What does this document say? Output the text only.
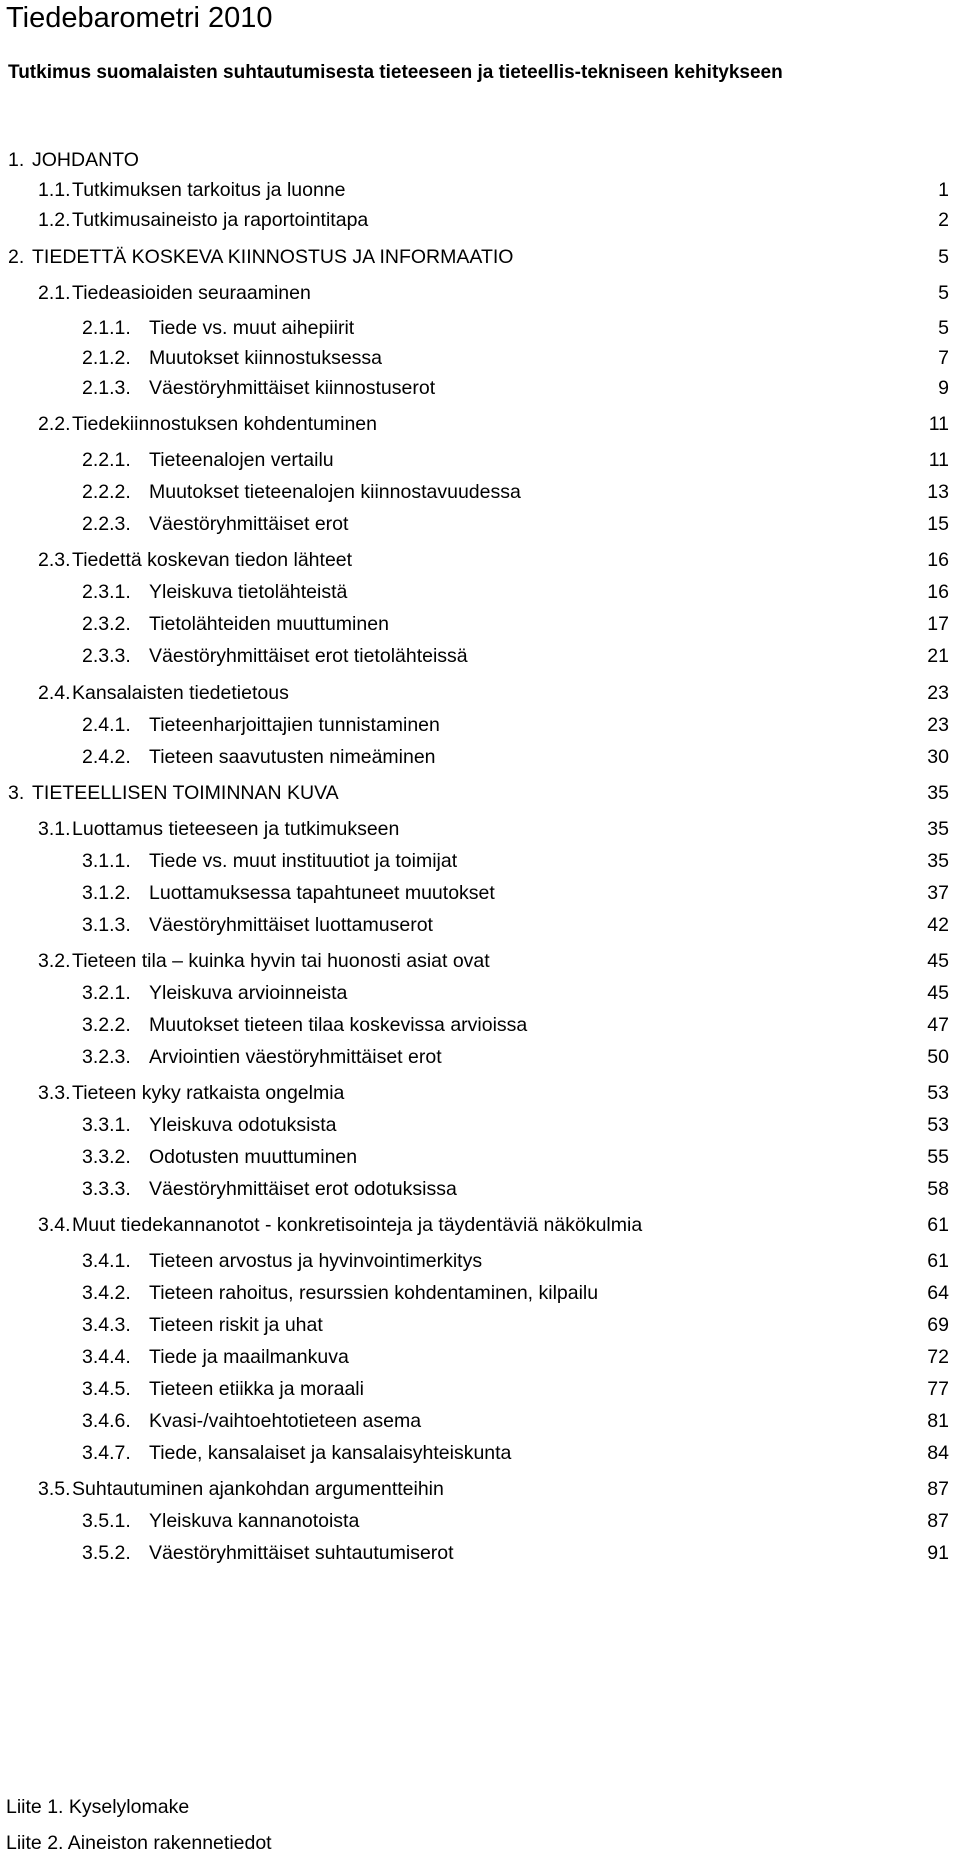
Tiedebarometri 2010

Tutkimus suomalaisten suhtautumisesta tieteeseen ja tieteellis-tekniseen kehitykseen

1. JOHDANTO
1.1. Tutkimuksen tarkoitus ja luonne	1
1.2. Tutkimusaineisto ja raportointitapa	2
2. TIEDETTÄ KOSKEVA KIINNOSTUS JA INFORMAATIO	5
2.1. Tiedeasioiden seuraaminen	5
2.1.1. Tiede vs. muut aihepiirit	5
2.1.2. Muutokset kiinnostuksessa	7
2.1.3. Väestöryhmittäiset kiinnostuserot	9
2.2. Tiedekiinnostuksen kohdentuminen	11
2.2.1. Tieteenalojen vertailu	11
2.2.2. Muutokset tieteenalojen kiinnostavuudessa	13
2.2.3. Väestöryhmittäiset erot	15
2.3. Tiedettä koskevan tiedon lähteet	16
2.3.1. Yleiskuva tietolähteistä	16
2.3.2. Tietolähteiden muuttuminen	17
2.3.3. Väestöryhmittäiset erot tietolähteissä	21
2.4. Kansalaisten tiedetietous	23
2.4.1. Tieteenharjoittajien tunnistaminen	23
2.4.2. Tieteen saavutusten nimeäminen	30
3. TIETEELLISEN TOIMINNAN KUVA	35
3.1. Luottamus tieteeseen ja tutkimukseen	35
3.1.1. Tiede vs. muut instituutiot ja toimijat	35
3.1.2. Luottamuksessa tapahtuneet muutokset	37
3.1.3. Väestöryhmittäiset luottamuserot	42
3.2. Tieteen tila – kuinka hyvin tai huonosti asiat ovat	45
3.2.1. Yleiskuva arvioinneista	45
3.2.2. Muutokset tieteen tilaa koskevissa arvioissa	47
3.2.3. Arviointien väestöryhmittäiset erot	50
3.3. Tieteen kyky ratkaista ongelmia	53
3.3.1. Yleiskuva odotuksista	53
3.3.2. Odotusten muuttuminen	55
3.3.3. Väestöryhmittäiset erot odotuksissa	58
3.4. Muut tiedekannanotot - konkretisointeja ja täydentäviä näkökulmia	61
3.4.1. Tieteen arvostus ja hyvinvointimerkitys	61
3.4.2. Tieteen rahoitus, resurssien kohdentaminen, kilpailu	64
3.4.3. Tieteen riskit ja uhat	69
3.4.4. Tiede ja maailmankuva	72
3.4.5. Tieteen etiikka ja moraali	77
3.4.6. Kvasi-/vaihtoehtotieteen asema	81
3.4.7. Tiede, kansalaiset ja kansalaisyhteiskunta	84
3.5. Suhtautuminen ajankohdan argumentteihin	87
3.5.1. Yleiskuva kannanotoista	87
3.5.2. Väestöryhmittäiset suhtautumiserot	91
Liite 1. Kyselylomake
Liite 2. Aineiston rakennetiedot
